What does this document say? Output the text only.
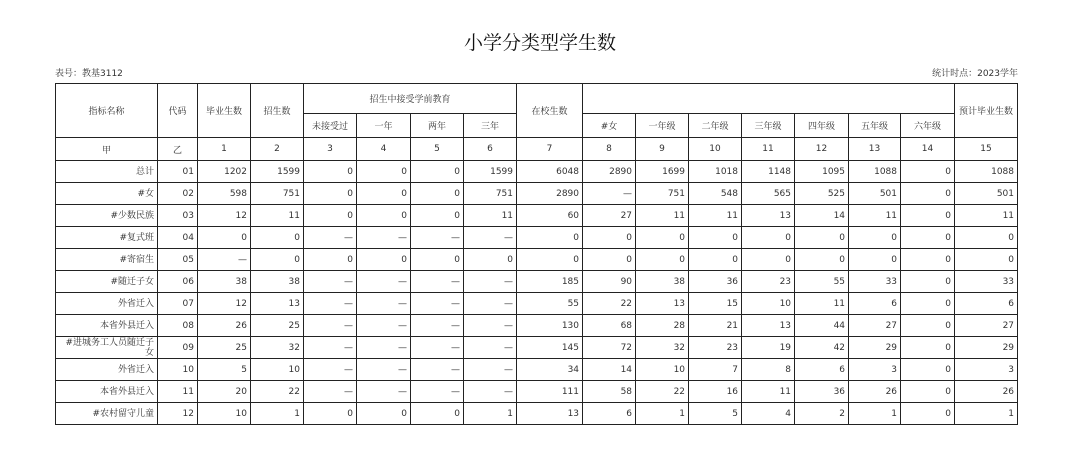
小学分类型学生数
表号：教基3112	统计时点：2023学年
指标名称	代码	毕业生数	招生数	招生中接受学前教育				在校生数								预计毕业生数
				未接受过	一年	两年	三年		#女	一年级	二年级	三年级	四年级	五年级	六年级	
甲	乙	1	2	3	4	5	6	7	8	9	10	11	12	13	14	15
总计	01	1202	1599	0	0	0	1599	6048	2890	1699	1018	1148	1095	1088	0	1088
#女	02	598	751	0	0	0	751	2890	—	751	548	565	525	501	0	501
#少数民族	03	12	11	0	0	0	11	60	27	11	11	13	14	11	0	11
#复式班	04	0	0	—	—	—	—	0	0	0	0	0	0	0	0	0
#寄宿生	05	—	0	0	0	0	0	0	0	0	0	0	0	0	0	0
#随迁子女	06	38	38	—	—	—	—	185	90	38	36	23	55	33	0	33
外省迁入	07	12	13	—	—	—	—	55	22	13	15	10	11	6	0	6
本省外县迁入	08	26	25	—	—	—	—	130	68	28	21	13	44	27	0	27
#进城务工人员随迁子女	09	25	32	—	—	—	—	145	72	32	23	19	42	29	0	29
外省迁入	10	5	10	—	—	—	—	34	14	10	7	8	6	3	0	3
本省外县迁入	11	20	22	—	—	—	—	111	58	22	16	11	36	26	0	26
#农村留守儿童	12	10	1	0	0	0	1	13	6	1	5	4	2	1	0	1
